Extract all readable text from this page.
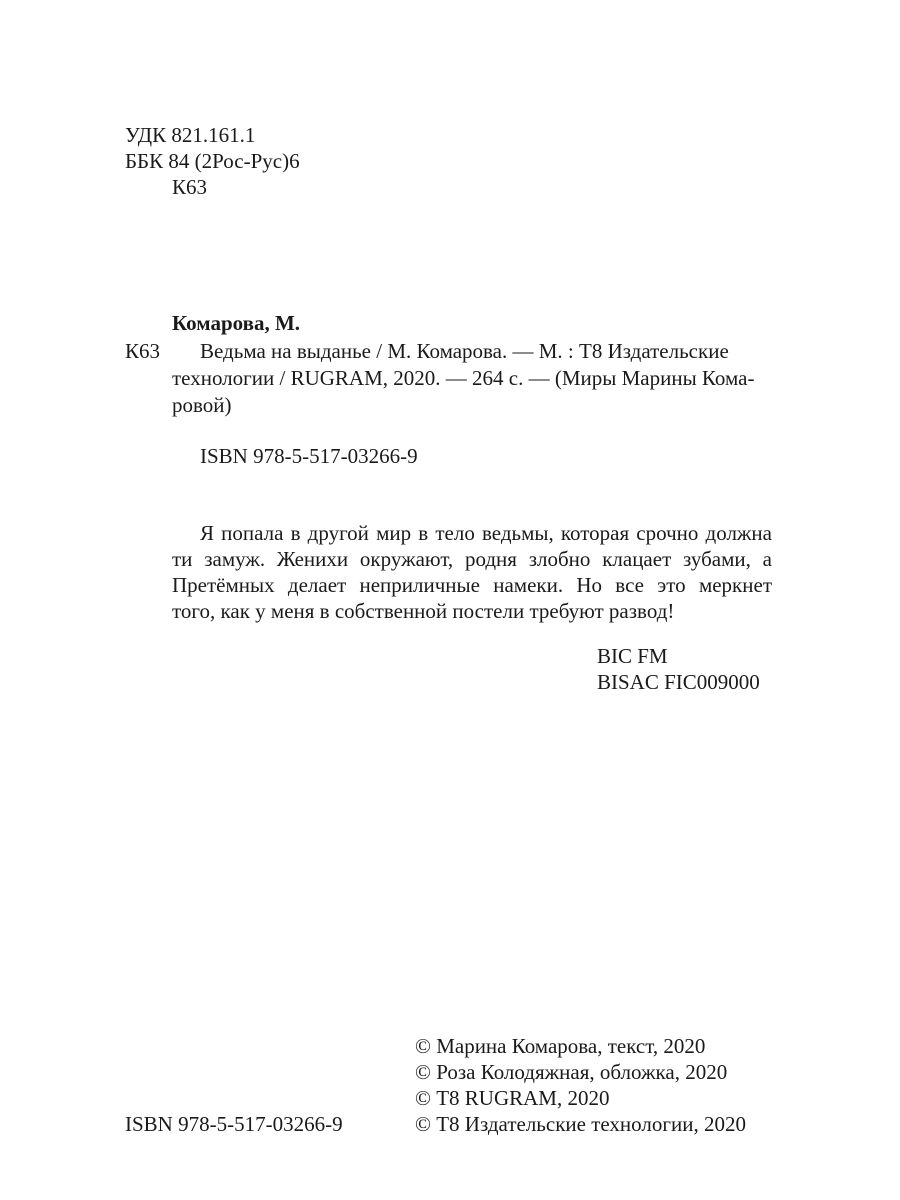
УДК 821.161.1
ББК 84 (2Рос-Рус)6
К63
Комарова, М.
К63 Ведьма на выданье / М. Комарова. — М. : Т8 Издательские
технологии / RUGRAM, 2020. — 264 с. — (Миры Марины Кома-
ровой)
ISBN 978-5-517-03266-9
Я попала в другой мир в тело ведьмы, которая срочно должна
ти замуж. Женихи окружают, родня злобно клацает зубами, а
Претёмных делает неприличные намеки. Но все это меркнет
того, как у меня в собственной постели требуют развод!
BIC FM
BISAC FIC009000
© Марина Комарова, текст, 2020
© Роза Колодяжная, обложка, 2020
© Т8 RUGRAM, 2020
© Т8 Издательские технологии, 2020
ISBN 978-5-517-03266-9
